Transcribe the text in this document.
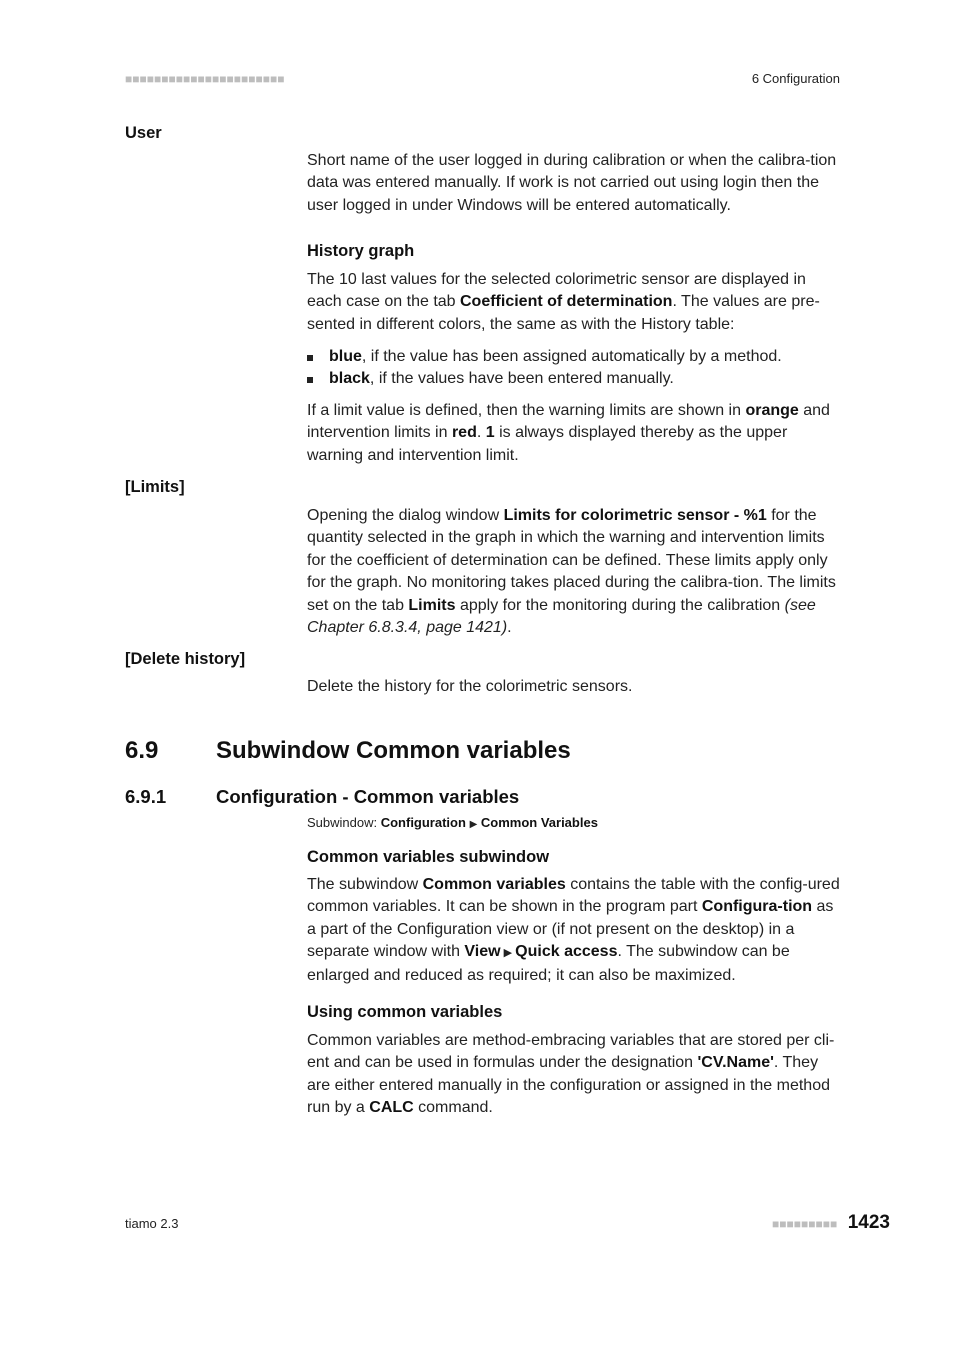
■■■■■■■■■■■■■■■■■■■■■■	6 Configuration
User
Short name of the user logged in during calibration or when the calibra-tion data was entered manually. If work is not carried out using login then the user logged in under Windows will be entered automatically.
History graph
The 10 last values for the selected colorimetric sensor are displayed in each case on the tab Coefficient of determination. The values are pre-sented in different colors, the same as with the History table:
blue, if the value has been assigned automatically by a method.
black, if the values have been entered manually.
If a limit value is defined, then the warning limits are shown in orange and intervention limits in red. 1 is always displayed thereby as the upper warning and intervention limit.
[Limits]
Opening the dialog window Limits for colorimetric sensor - %1 for the quantity selected in the graph in which the warning and intervention limits for the coefficient of determination can be defined. These limits apply only for the graph. No monitoring takes placed during the calibra-tion. The limits set on the tab Limits apply for the monitoring during the calibration (see Chapter 6.8.3.4, page 1421).
[Delete history]
Delete the history for the colorimetric sensors.
6.9 Subwindow Common variables
6.9.1	Configuration - Common variables
Subwindow: Configuration ▶ Common Variables
Common variables subwindow
The subwindow Common variables contains the table with the config-ured common variables. It can be shown in the program part Configura-tion as a part of the Configuration view or (if not present on the desktop) in a separate window with View ▶ Quick access. The subwindow can be enlarged and reduced as required; it can also be maximized.
Using common variables
Common variables are method-embracing variables that are stored per cli-ent and can be used in formulas under the designation 'CV.Name'. They are either entered manually in the configuration or assigned in the method run by a CALC command.
tiamo 2.3	■■■■■■■■■ 1423
